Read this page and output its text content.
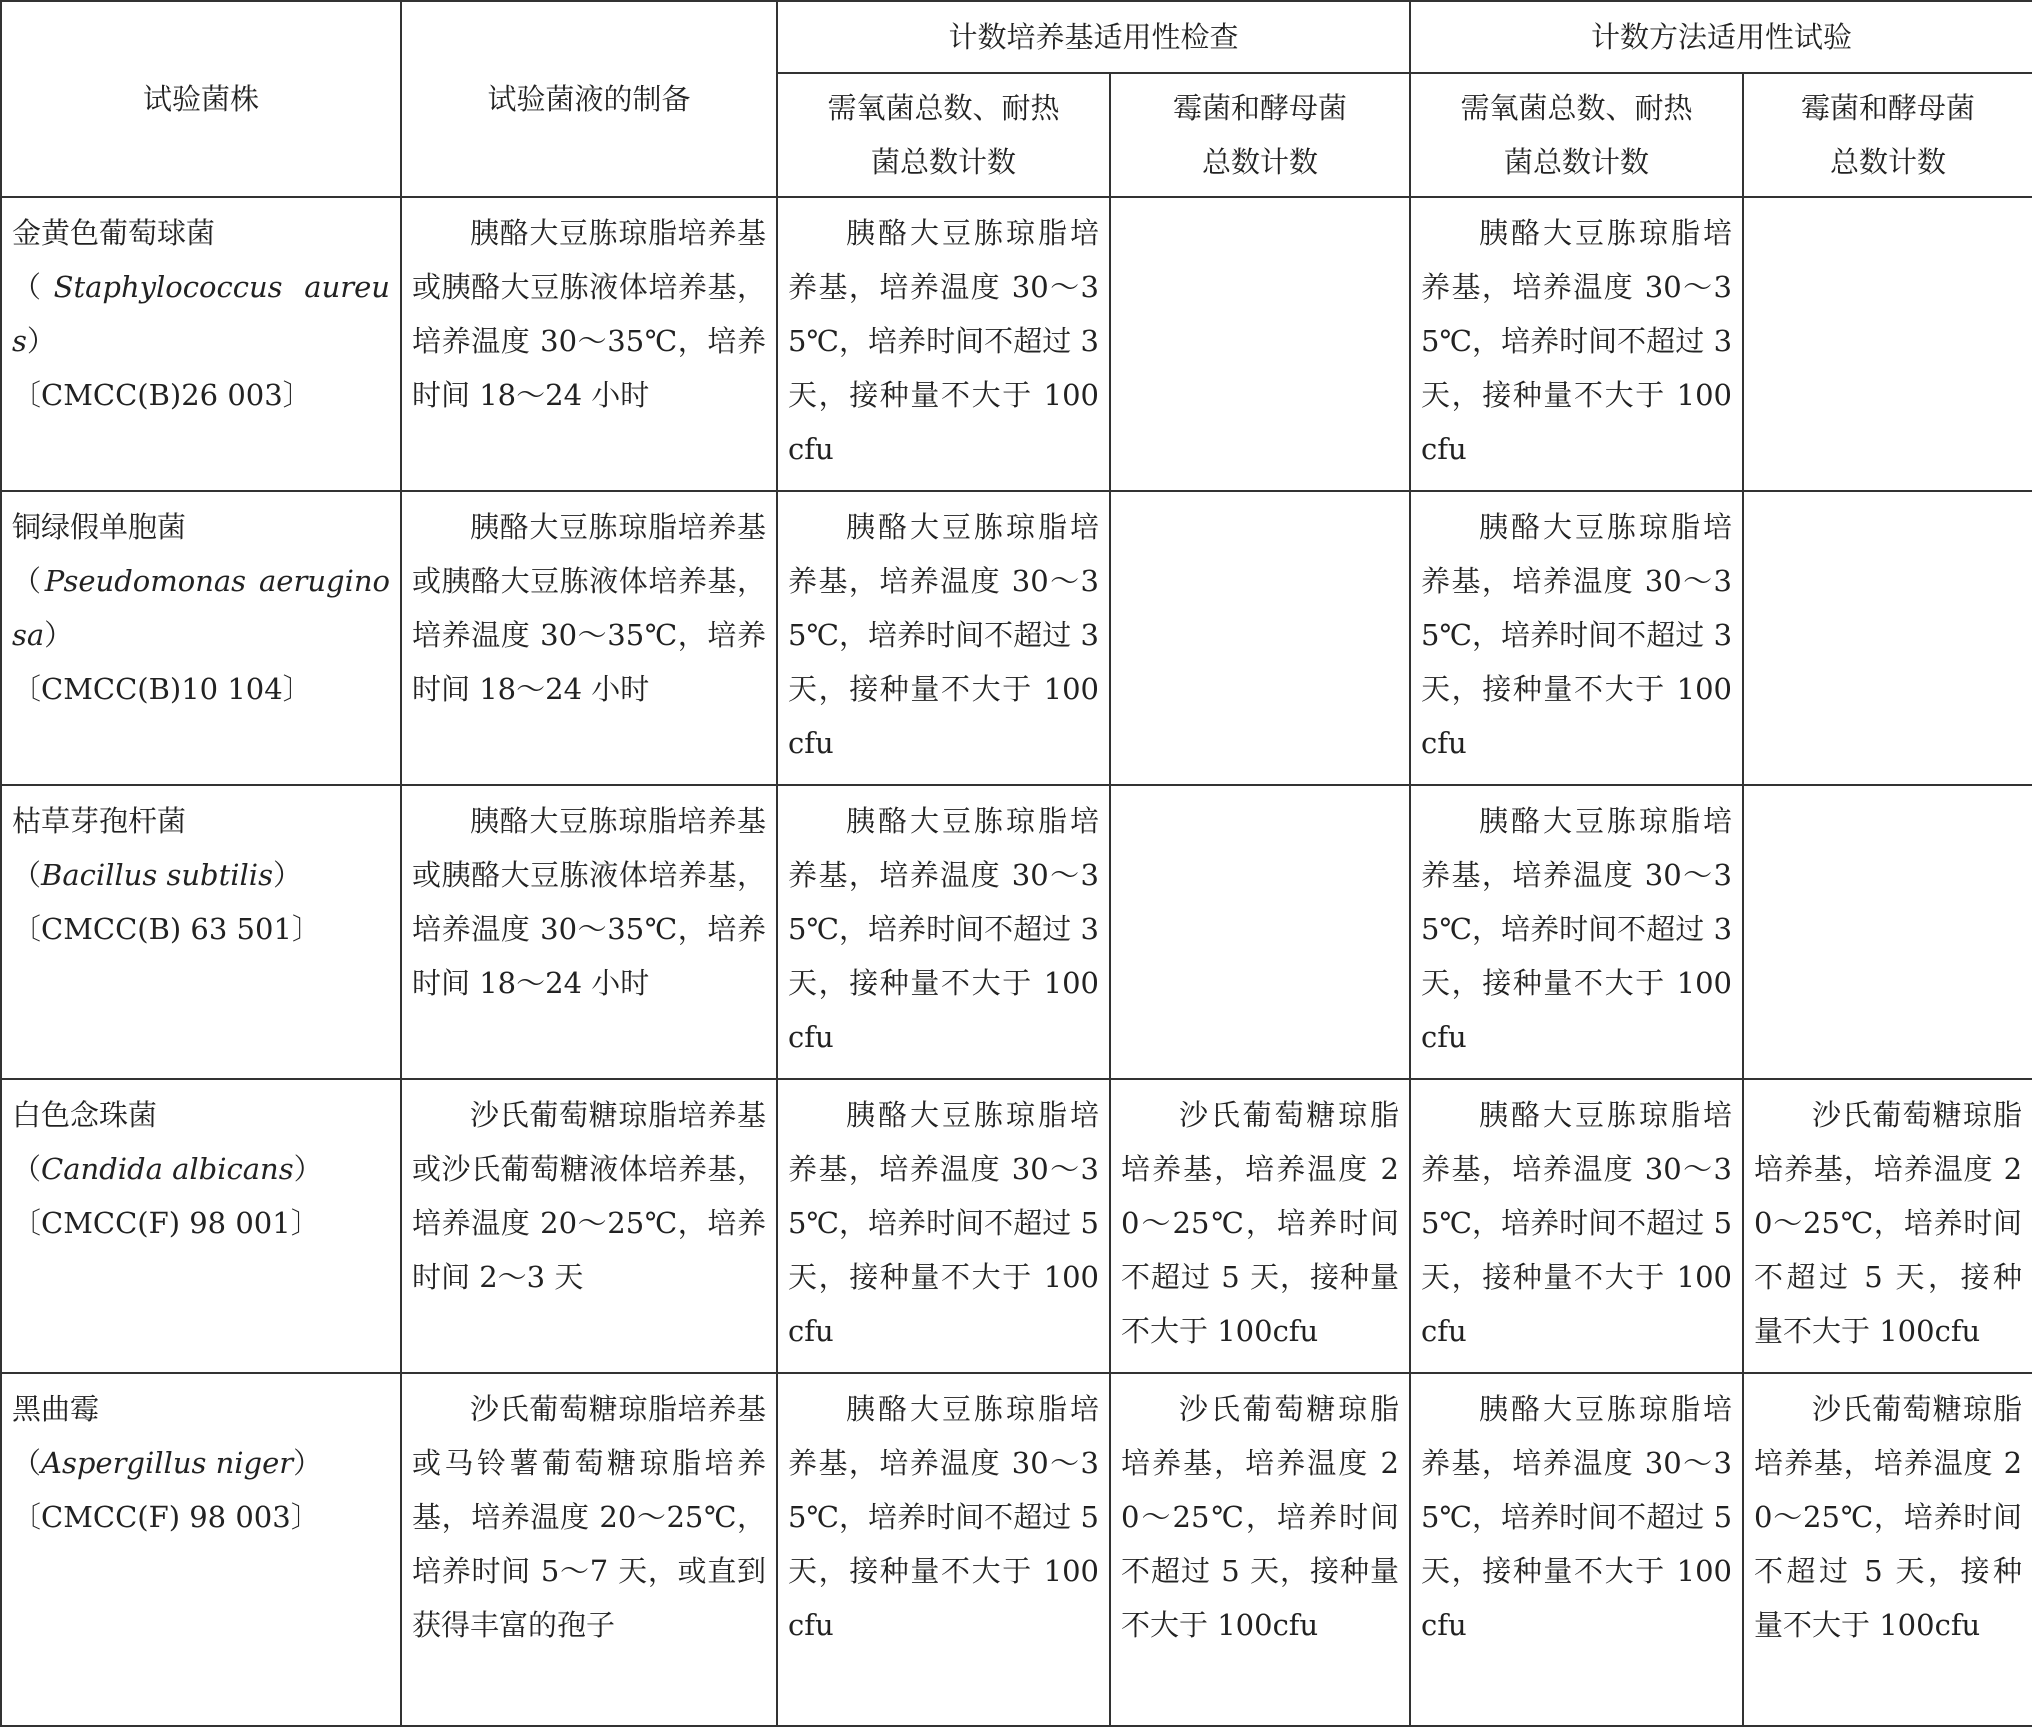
试验菌株	试验菌液的制备	计数培养基适用性检查		计数方法适用性试验	
		需氧菌总数、耐热菌总数计数	霉菌和酵母菌总数计数	需氧菌总数、耐热菌总数计数	霉菌和酵母菌总数计数

金黄色葡萄球菌
（Staphylococcus aureus）
〔CMCC(B)26 003〕	胰酪大豆胨琼脂培养基或胰酪大豆胨液体培养基，培养温度 30～35℃，培养时间 18～24 小时	胰酪大豆胨琼脂培养基，培养温度 30～35℃，培养时间不超过 3 天，接种量不大于 100cfu		胰酪大豆胨琼脂培养基，培养温度 30～35℃，培养时间不超过 3 天，接种量不大于 100cfu	

铜绿假单胞菌
（Pseudomonas aeruginosa）
〔CMCC(B)10 104〕	胰酪大豆胨琼脂培养基或胰酪大豆胨液体培养基，培养温度 30～35℃，培养时间 18～24 小时	胰酪大豆胨琼脂培养基，培养温度 30～35℃，培养时间不超过 3 天，接种量不大于 100cfu		胰酪大豆胨琼脂培养基，培养温度 30～35℃，培养时间不超过 3 天，接种量不大于 100cfu	

枯草芽孢杆菌
（Bacillus subtilis）
〔CMCC(B) 63 501〕	胰酪大豆胨琼脂培养基或胰酪大豆胨液体培养基，培养温度 30～35℃，培养时间 18～24 小时	胰酪大豆胨琼脂培养基，培养温度 30～35℃，培养时间不超过 3 天，接种量不大于 100cfu		胰酪大豆胨琼脂培养基，培养温度 30～35℃，培养时间不超过 3 天，接种量不大于 100cfu	

白色念珠菌
（Candida albicans）
〔CMCC(F) 98 001〕	沙氏葡萄糖琼脂培养基或沙氏葡萄糖液体培养基，培养温度 20～25℃，培养时间 2～3 天	胰酪大豆胨琼脂培养基，培养温度 30～35℃，培养时间不超过 5 天，接种量不大于 100cfu	沙氏葡萄糖琼脂培养基，培养温度 20～25℃，培养时间不超过 5 天，接种量不大于 100cfu	胰酪大豆胨琼脂培养基，培养温度 30～35℃，培养时间不超过 5 天，接种量不大于 100cfu	沙氏葡萄糖琼脂培养基，培养温度 20～25℃，培养时间不超过 5 天，接种量不大于 100cfu

黑曲霉
（Aspergillus niger）
〔CMCC(F) 98 003〕	沙氏葡萄糖琼脂培养基或马铃薯葡萄糖琼脂培养基，培养温度 20～25℃，培养时间 5～7 天，或直到获得丰富的孢子	胰酪大豆胨琼脂培养基，培养温度 30～35℃，培养时间不超过 5 天，接种量不大于 100cfu	沙氏葡萄糖琼脂培养基，培养温度 20～25℃，培养时间不超过 5 天，接种量不大于 100cfu	胰酪大豆胨琼脂培养基，培养温度 30～35℃，培养时间不超过 5 天，接种量不大于 100cfu	沙氏葡萄糖琼脂培养基，培养温度 20～25℃，培养时间不超过 5 天，接种量不大于 100cfu
